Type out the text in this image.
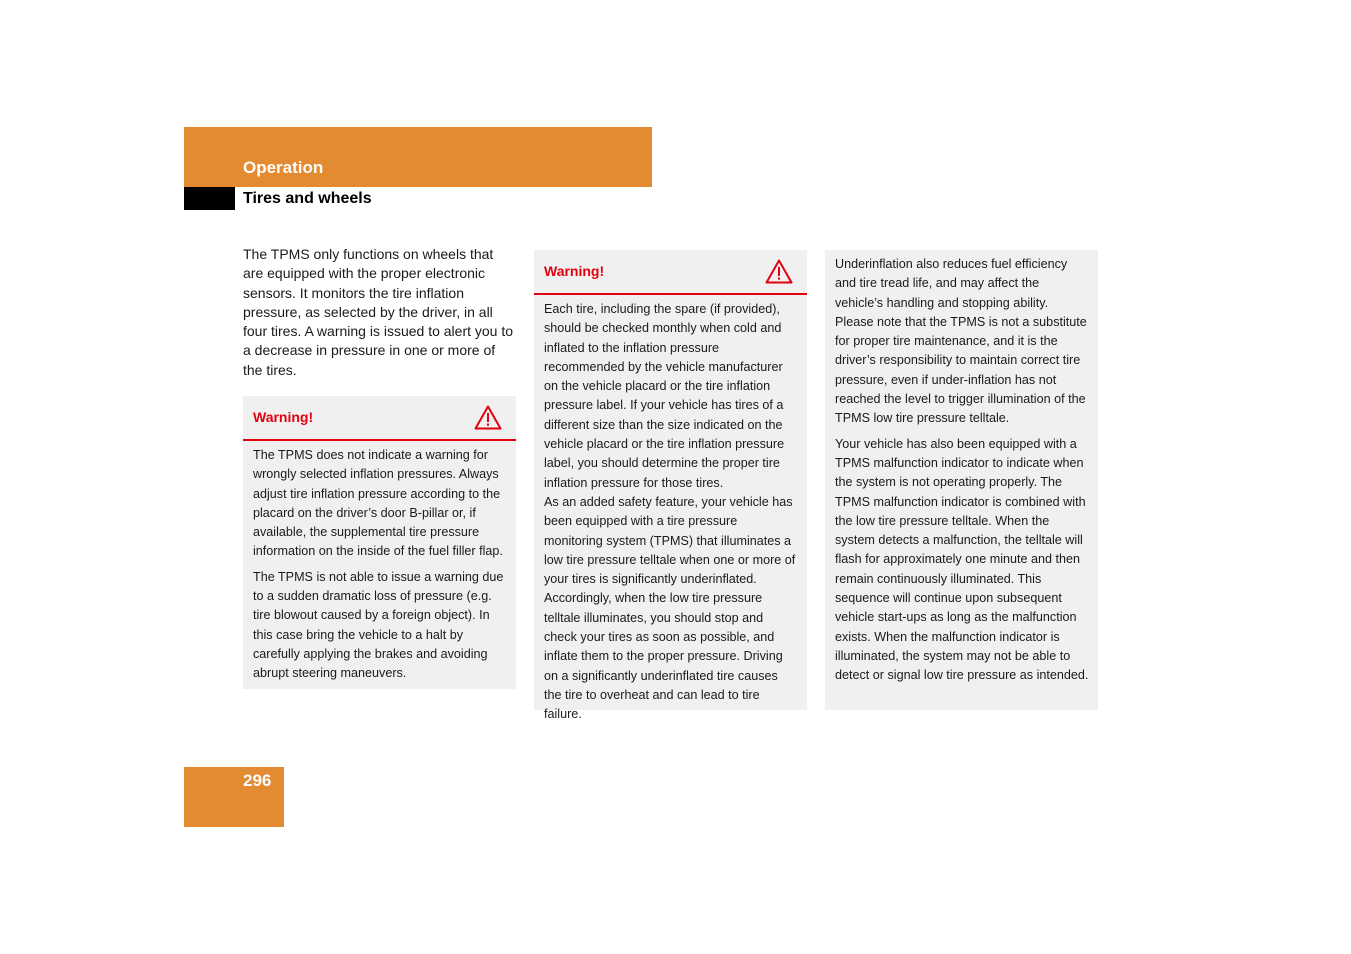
Operation
Tires and wheels

The TPMS only functions on wheels that are equipped with the proper electronic sensors. It monitors the tire inflation pressure, as selected by the driver, in all four tires. A warning is issued to alert you to a decrease in pressure in one or more of the tires.

Warning!

The TPMS does not indicate a warning for wrongly selected inflation pressures. Always adjust tire inflation pressure according to the placard on the driver’s door B-pillar or, if available, the supplemental tire pressure information on the inside of the fuel filler flap.

The TPMS is not able to issue a warning due to a sudden dramatic loss of pressure (e.g. tire blowout caused by a foreign object). In this case bring the vehicle to a halt by carefully applying the brakes and avoiding abrupt steering maneuvers.

Warning!

Each tire, including the spare (if provided), should be checked monthly when cold and inflated to the inflation pressure recommended by the vehicle manufacturer on the vehicle placard or the tire inflation pressure label. If your vehicle has tires of a different size than the size indicated on the vehicle placard or the tire inflation pressure label, you should determine the proper tire inflation pressure for those tires.

As an added safety feature, your vehicle has been equipped with a tire pressure monitoring system (TPMS) that illuminates a low tire pressure telltale when one or more of your tires is significantly underinflated. Accordingly, when the low tire pressure telltale illuminates, you should stop and check your tires as soon as possible, and inflate them to the proper pressure. Driving on a significantly underinflated tire causes the tire to overheat and can lead to tire failure.

Underinflation also reduces fuel efficiency and tire tread life, and may affect the vehicle’s handling and stopping ability. Please note that the TPMS is not a substitute for proper tire maintenance, and it is the driver’s responsibility to maintain correct tire pressure, even if under-inflation has not reached the level to trigger illumination of the TPMS low tire pressure telltale.

Your vehicle has also been equipped with a TPMS malfunction indicator to indicate when the system is not operating properly. The TPMS malfunction indicator is combined with the low tire pressure telltale. When the system detects a malfunction, the telltale will flash for approximately one minute and then remain continuously illuminated. This sequence will continue upon subsequent vehicle start-ups as long as the malfunction exists. When the malfunction indicator is illuminated, the system may not be able to detect or signal low tire pressure as intended.

296
